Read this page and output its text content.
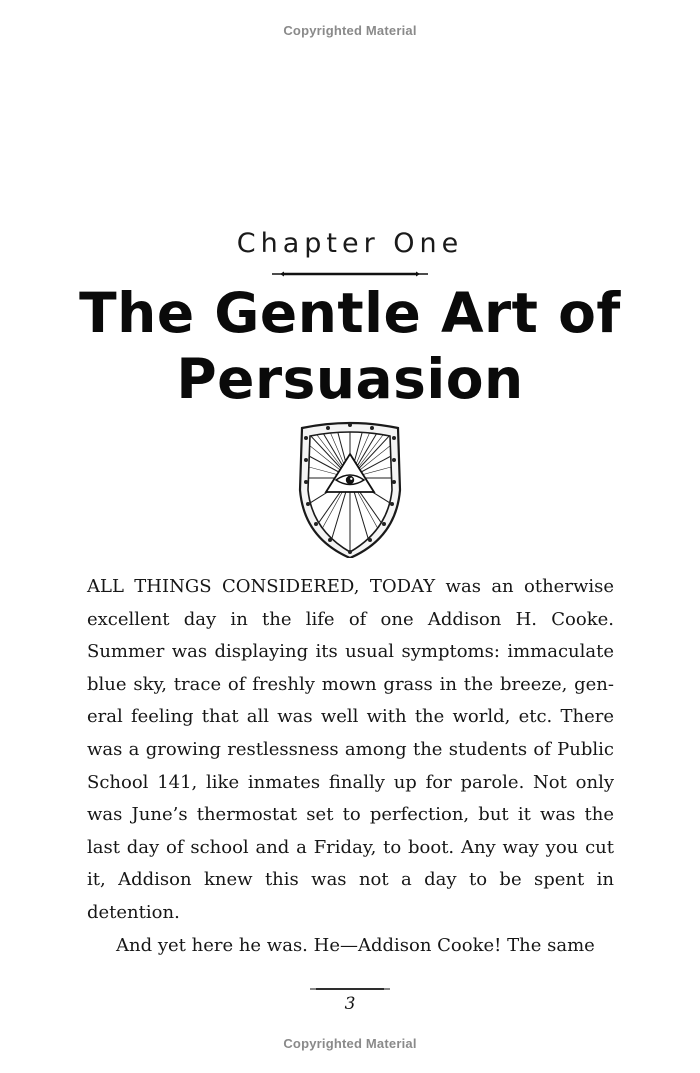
Copyrighted Material
Chapter One
The Gentle Art of
Persuasion

ALL THINGS CONSIDERED, TODAY was an otherwise excellent day in the life of one Addison H. Cooke. Summer was displaying its usual symptoms: immaculate blue sky, trace of freshly mown grass in the breeze, general feeling that all was well with the world, etc. There was a growing restlessness among the students of Public School 141, like inmates finally up for parole. Not only was June’s thermostat set to perfection, but it was the last day of school and a Friday, to boot. Any way you cut it, Addison knew this was not a day to be spent in detention.

And yet here he was. He—Addison Cooke! The same

3
Copyrighted Material
